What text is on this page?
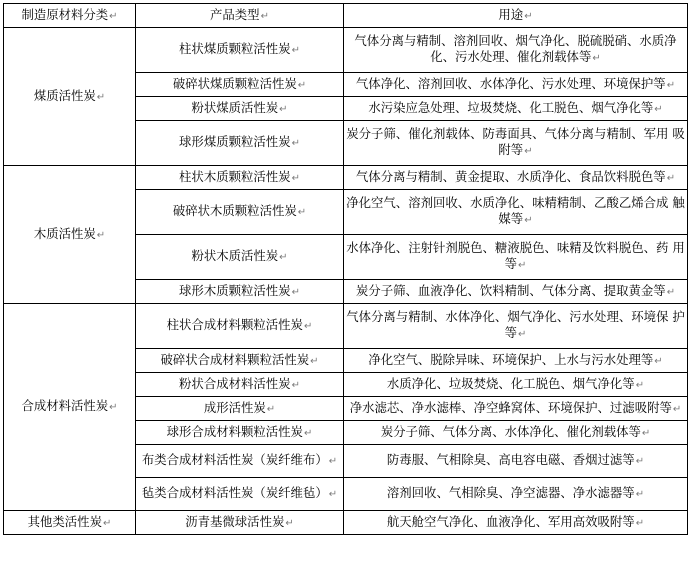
制造原材料分类↵	产品类型↵	用途↵
煤质活性炭↵	柱状煤质颗粒活性炭↵	气体分离与精制、溶剂回收、烟气净化、脱硫脱硝、水质净 化、污水处理、催化剂载体等↵
	破碎状煤质颗粒活性炭↵	气体净化、溶剂回收、水体净化、污水处理、环境保护等↵
	粉状煤质活性炭↵	水污染应急处理、垃圾焚烧、化工脱色、烟气净化等↵
	球形煤质颗粒活性炭↵	炭分子筛、催化剂载体、防毒面具、气体分离与精制、军用 吸附等↵
木质活性炭↵	柱状木质颗粒活性炭↵	气体分离与精制、黄金提取、水质净化、食品饮料脱色等↵
	破碎状木质颗粒活性炭↵	净化空气、溶剂回收、水质净化、味精精制、乙酸乙烯合成 触媒等↵
	粉状木质活性炭↵	水体净化、注射针剂脱色、糖液脱色、味精及饮料脱色、药 用等↵
	球形木质颗粒活性炭↵	炭分子筛、血液净化、饮料精制、气体分离、提取黄金等↵
合成材料活性炭↵	柱状合成材料颗粒活性炭↵	气体分离与精制、水体净化、烟气净化、污水处理、环境保 护等↵
	破碎状合成材料颗粒活性炭↵	净化空气、脱除异味、环境保护、上水与污水处理等↵
	粉状合成材料活性炭↵	水质净化、垃圾焚烧、化工脱色、烟气净化等↵
	成形活性炭↵	净水滤芯、净水滤棒、净空蜂窝体、环境保护、过滤吸附等↵
	球形合成材料颗粒活性炭↵	炭分子筛、气体分离、水体净化、催化剂载体等↵
	布类合成材料活性炭（炭纤维布）↵	防毒服、气相除臭、高电容电磁、香烟过滤等↵
	毡类合成材料活性炭（炭纤维毡）↵	溶剂回收、气相除臭、净空滤器、净水滤器等↵
其他类活性炭↵	沥青基微球活性炭↵	航天舱空气净化、血液净化、军用高效吸附等↵
